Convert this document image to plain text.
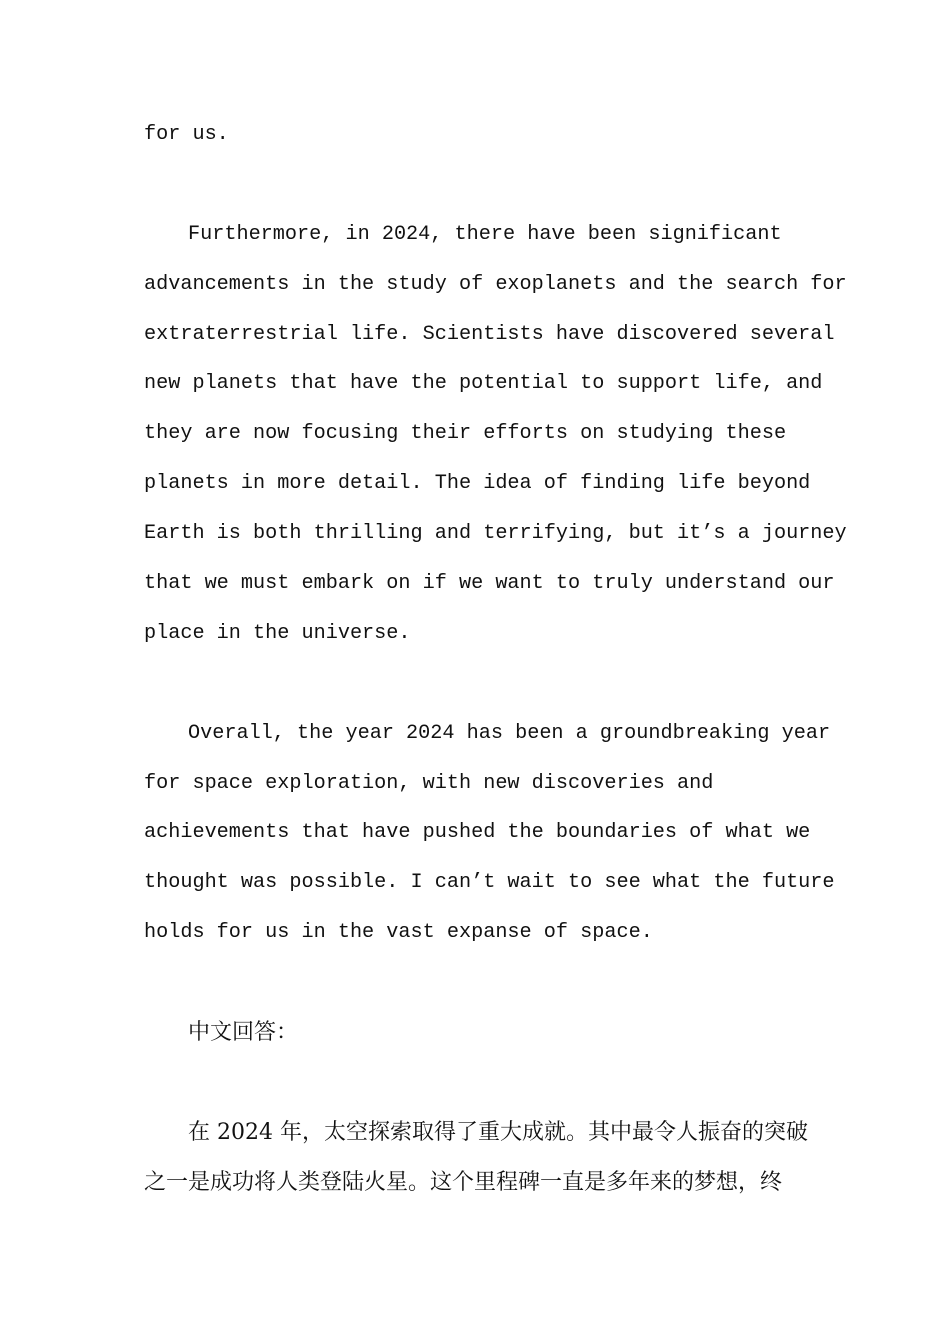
for us.
Furthermore, in 2024, there have been significant
advancements in the study of exoplanets and the search for
extraterrestrial life. Scientists have discovered several
new planets that have the potential to support life, and
they are now focusing their efforts on studying these
planets in more detail. The idea of finding life beyond
Earth is both thrilling and terrifying, but it’s a journey
that we must embark on if we want to truly understand our
place in the universe.
Overall, the year 2024 has been a groundbreaking year
for space exploration, with new discoveries and
achievements that have pushed the boundaries of what we
thought was possible. I can’t wait to see what the future
holds for us in the vast expanse of space.
中文回答：
在 2024 年，太空探索取得了重大成就。其中最令人振奋的突破
之一是成功将人类登陆火星。这个里程碑一直是多年来的梦想，终
